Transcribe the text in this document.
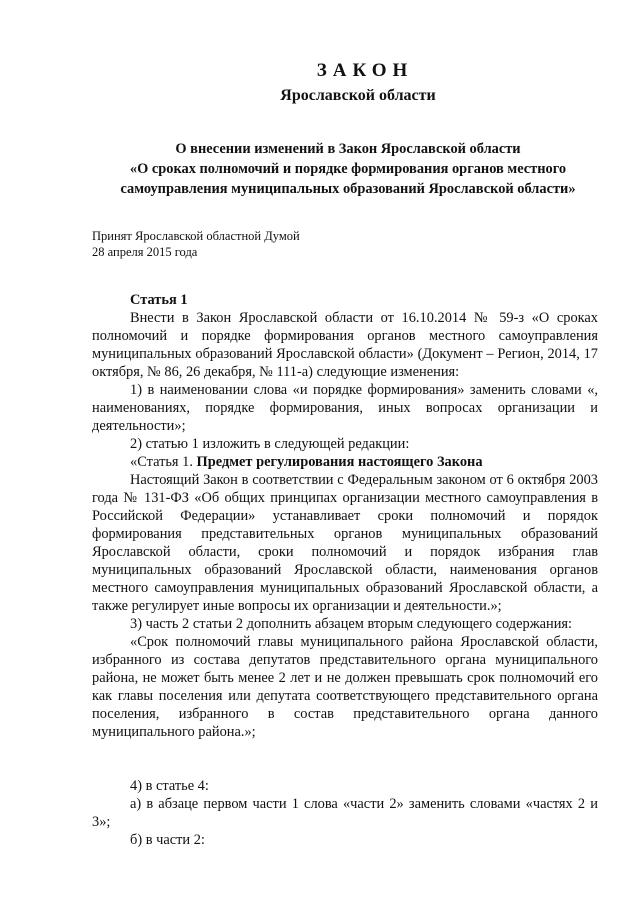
ЗАКОН
Ярославской области
О внесении изменений в Закон Ярославской области
«О сроках полномочий и порядке формирования органов местного
самоуправления муниципальных образований Ярославской области»
Принят Ярославской областной Думой
28 апреля 2015 года

Статья 1

Внести в Закон Ярославской области от 16.10.2014 № 59-з «О сроках полномочий и порядке формирования органов местного самоуправления муниципальных образований Ярославской области» (Документ – Регион, 2014, 17 октября, № 86, 26 декабря, № 111-а) следующие изменения:

1) в наименовании слова «и порядке формирования» заменить словами «, наименованиях, порядке формирования, иных вопросах организации и деятельности»;

2) статью 1 изложить в следующей редакции:

«Статья 1. Предмет регулирования настоящего Закона

Настоящий Закон в соответствии с Федеральным законом от 6 октября 2003 года № 131-ФЗ «Об общих принципах организации местного самоуправления в Российской Федерации» устанавливает сроки полномочий и порядок формирования представительных органов муниципальных образований Ярославской области, сроки полномочий и порядок избрания глав муниципальных образований Ярославской области, наименования органов местного самоуправления муниципальных образований Ярославской области, а также регулирует иные вопросы их организации и деятельности.»;

3) часть 2 статьи 2 дополнить абзацем вторым следующего содержания:

«Срок полномочий главы муниципального района Ярославской области, избранного из состава депутатов представительного органа муниципального района, не может быть менее 2 лет и не должен превышать срок полномочий его как главы поселения или депутата соответствующего представительного органа поселения, избранного в состав представительного органа данного муниципального района.»;

4) в статье 4:

а) в абзаце первом части 1 слова «части 2» заменить словами «частях 2 и 3»;

б) в части 2:
